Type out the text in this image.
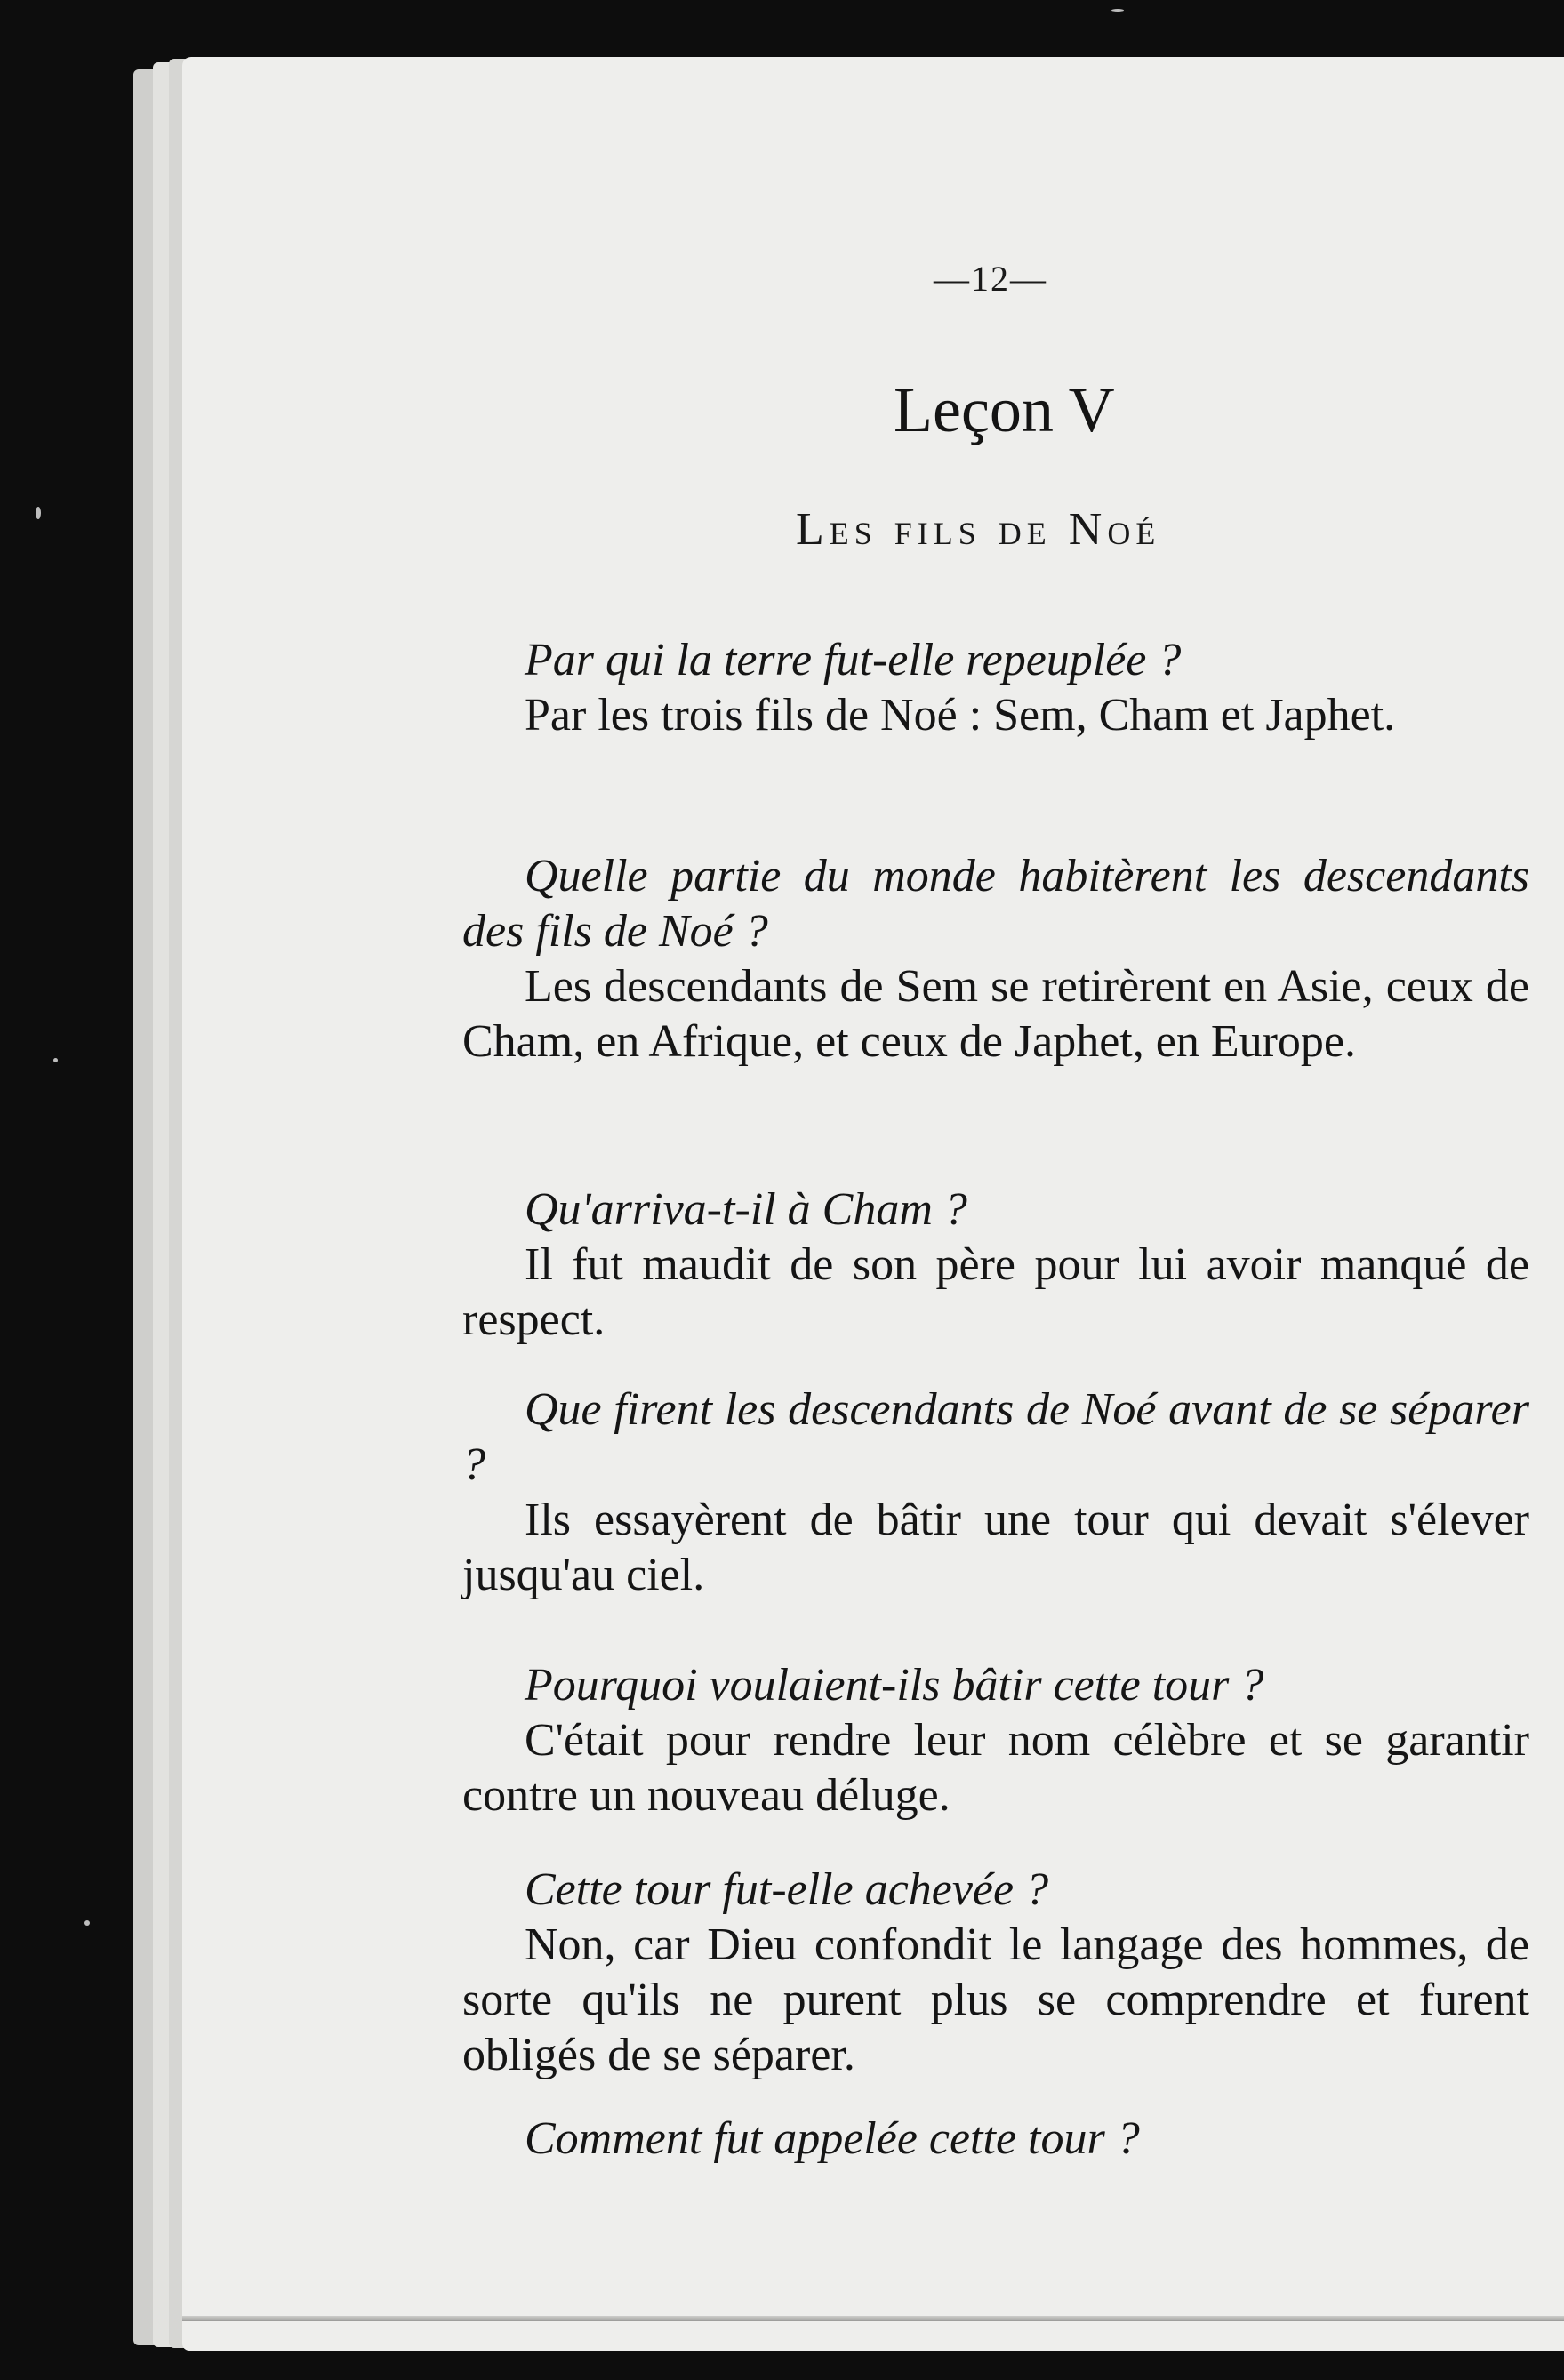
—12—
Leçon V
Les fils de Noé

Par qui la terre fut-elle repeuplée ?

Par les trois fils de Noé : Sem, Cham et Japhet.

Quelle partie du monde habitèrent les descendants des fils de Noé ?

Les descendants de Sem se retirèrent en Asie, ceux de Cham, en Afrique, et ceux de Japhet, en Europe.

Qu'arriva-t-il à Cham ?

Il fut maudit de son père pour lui avoir manqué de respect.

Que firent les descendants de Noé avant de se séparer ?

Ils essayèrent de bâtir une tour qui devait s'élever jusqu'au ciel.

Pourquoi voulaient-ils bâtir cette tour ?

C'était pour rendre leur nom célèbre et se garantir contre un nouveau déluge.

Cette tour fut-elle achevée ?

Non, car Dieu confondit le langage des hommes, de sorte qu'ils ne purent plus se comprendre et furent obligés de se séparer.

Comment fut appelée cette tour ?
